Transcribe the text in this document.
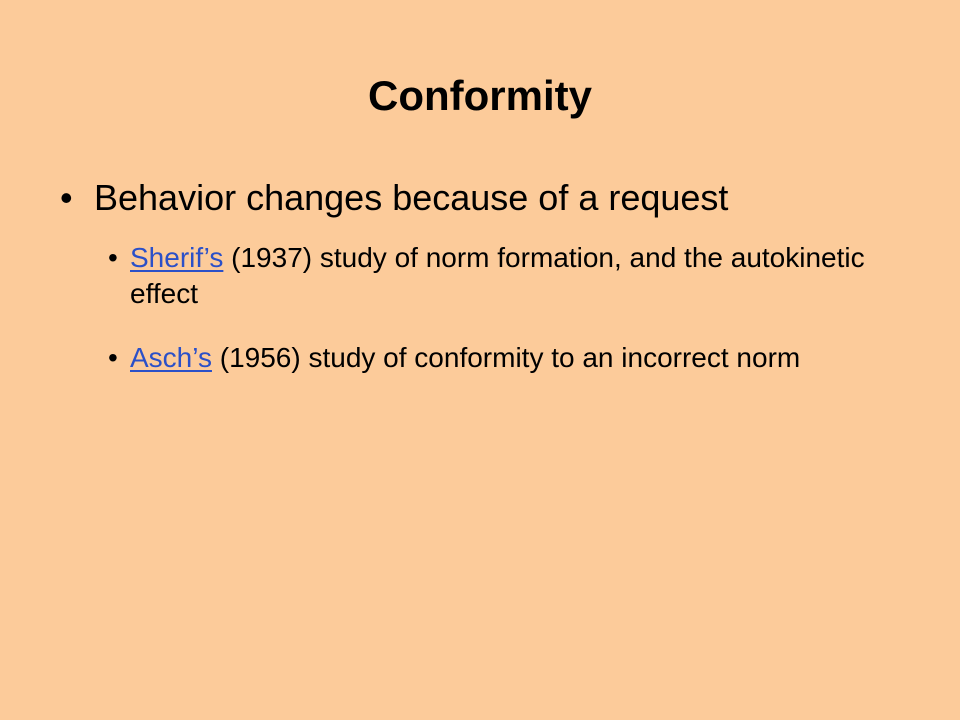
Conformity
• Behavior changes because of a request
• Sherif’s (1937) study of norm formation, and the autokinetic effect
• Asch’s (1956) study of conformity to an incorrect norm
